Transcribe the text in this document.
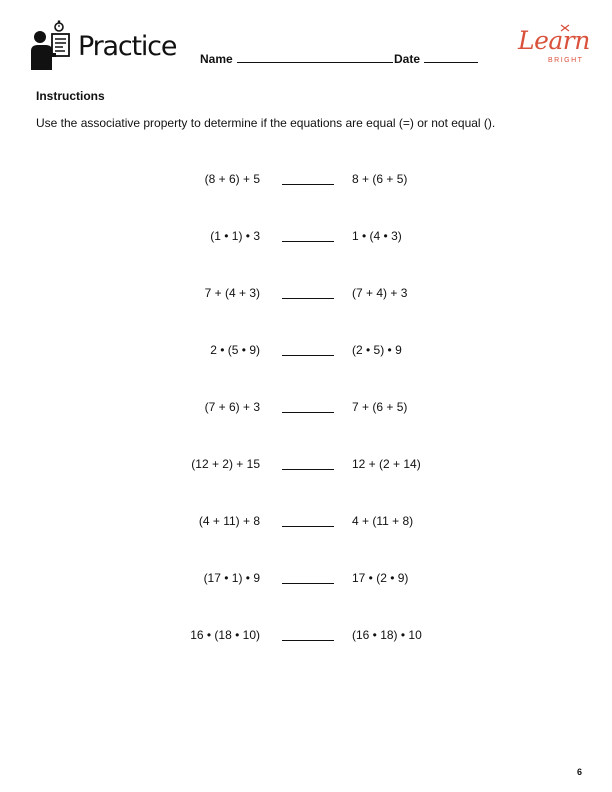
Practice Name	Date
Learn
BRIGHT
Instructions
Use the associative property to determine if the equations are equal (=) or not equal ().
(8 + 6) + 5	8 + (6 + 5)
(1 • 1) • 3	1 • (4 • 3)
7 + (4 + 3)	(7 + 4) + 3
2 • (5 • 9)	(2 • 5) • 9
(7 + 6) + 3	7 + (6 + 5)
(12 + 2) + 15	12 + (2 + 14)
(4 + 11) + 8	4 + (11 + 8)
(17 • 1) • 9	17 • (2 • 9)
16 • (18 • 10)	(16 • 18) • 10
6
